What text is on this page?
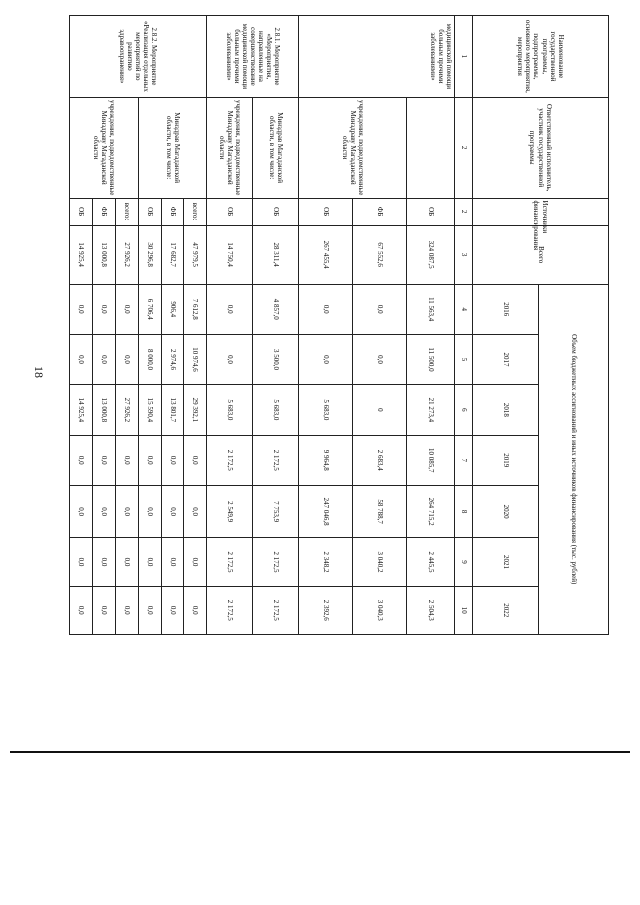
18
Наименование государственной программы, подпрограммы, основного мероприятия, мероприятия	Ответственный исполнитель, участник государственной программы	Источники финансирования	Всего	Объем бюджетных ассигнований и иных источников финансирования (тыс. рублей)						
				2016	2017	2018	2019	2020	2021	2022
1	2	2	3	4	5	6	7	8	9	10
медицинской помощи больным прочими заболеваниями»		ОБ	324 087,5	11 563,4	11 500,0	21 273,4	10 085,7	264 715,2	2 445,5	2 504,3
	учреждения, подведомственные Минздраву Магаданской области	ФБ	67 552,6	0,0	0,0	0	2 683,4	58 788,7	3 040,2	3 040,3
		ОБ	267 455,4	0,0	0,0	5 683,0	9 964,8	247 046,8	2 348,2	2 392,6
2.8.1. Мероприятие «Мероприятия, направленные на совершенствование медицинской помощи больным прочими заболеваниями»	Минздрав Магаданской области, в том числе:	ОБ	28 311,4	4 857,0	3 500,0	5 683,0	2 172,5	7 753,9	2 172,5	2 172,5
	учреждения, подведомственные Минздраву Магаданской области	ОБ	14 750,4	0,0	0,0	5 683,0	2 172,5	2 549,9	2 172,5	2 172,5
2.8.2. Мероприятие «Реализация отдельных мероприятий по развитию здравоохранения»	Минздрав Магаданской области, в том числе:	всего:	47 979,5	7 612,8	10 974,6	29 392,1	0,0	0,0	0,0	0,0
		ФБ	17 682,7	906,4	2 974,6	13 801,7	0,0	0,0	0,0	0,0
		ОБ	30 296,8	6 706,4	8 000,0	15 590,4	0,0	0,0	0,0	0,0
	учреждения, подведомственные Минздраву Магаданской области	всего:	27 926,2	0,0	0,0	27 926,2	0,0	0,0	0,0	0,0
		ФБ	13 000,8	0,0	0,0	13 000,8	0,0	0,0	0,0	0,0
		ОБ	14 925,4	0,0	0,0	14 925,4	0,0	0,0	0,0	0,0
